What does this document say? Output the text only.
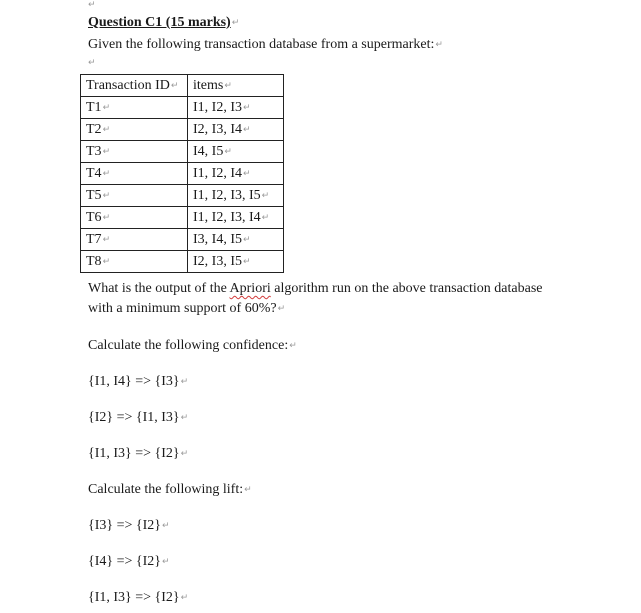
↵
Question C1 (15 marks)↵
Given the following transaction database from a supermarket:↵
↵
Transaction ID↵	items↵
T1↵	I1, I2, I3↵
T2↵	I2, I3, I4↵
T3↵	I4, I5↵
T4↵	I1, I2, I4↵
T5↵	I1, I2, I3, I5↵
T6↵	I1, I2, I3, I4↵
T7↵	I3, I4, I5↵
T8↵	I2, I3, I5↵
What is the output of the Apriori algorithm run on the above transaction database
with a minimum support of 60%?↵
Calculate the following confidence:↵
{I1, I4} => {I3}↵
{I2} => {I1, I3}↵
{I1, I3} => {I2}↵
Calculate the following lift:↵
{I3} => {I2}↵
{I4} => {I2}↵
{I1, I3} => {I2}↵
